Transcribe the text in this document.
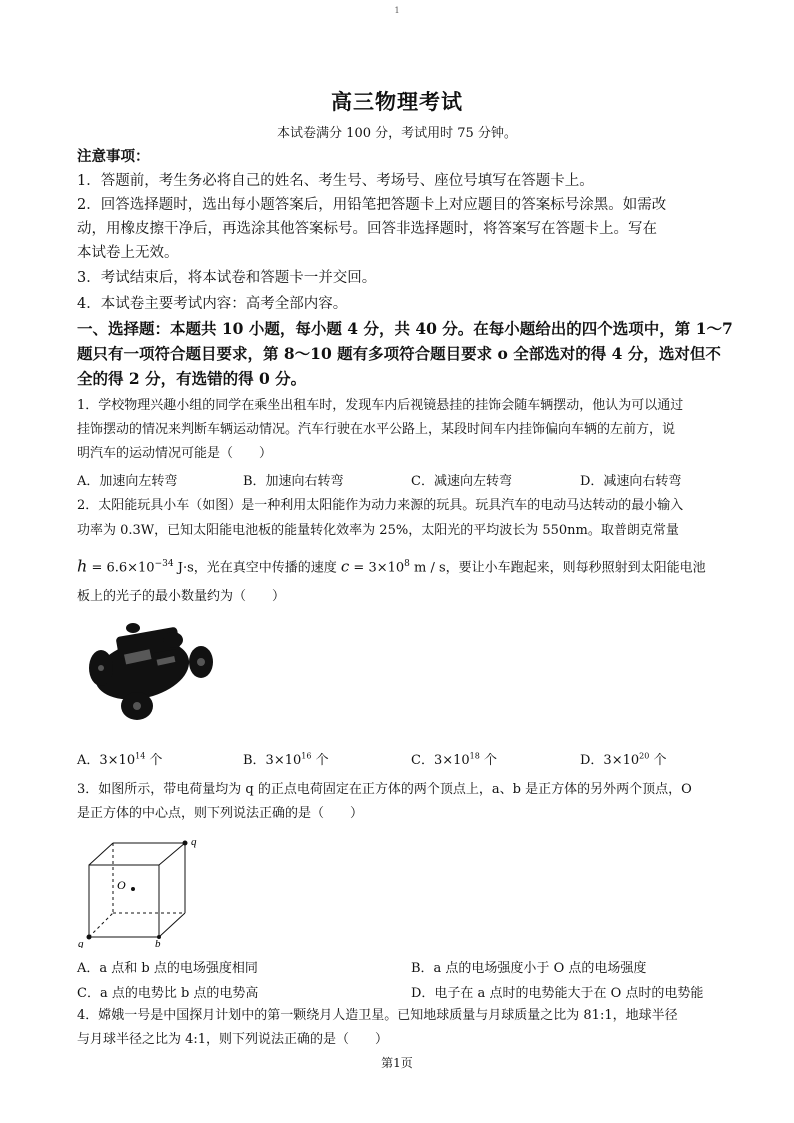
1
高三物理考试
本试卷满分 100 分，考试用时 75 分钟。
注意事项：
1．答题前，考生务必将自己的姓名、考生号、考场号、座位号填写在答题卡上。
2．回答选择题时，选出每小题答案后，用铅笔把答题卡上对应题目的答案标号涂黑。如需改
动，用橡皮擦干净后，再选涂其他答案标号。回答非选择题时，将答案写在答题卡上。写在
本试卷上无效。
3．考试结束后，将本试卷和答题卡一并交回。
4．本试卷主要考试内容：高考全部内容。
一、选择题：本题共 10 小题，每小题 4 分，共 40 分。在每小题给出的四个选项中，第 1～7
题只有一项符合题目要求，第 8～10 题有多项符合题目要求 o 全部选对的得 4 分，选对但不
全的得 2 分，有选错的得 0 分。
1．学校物理兴趣小组的同学在乘坐出租车时，发现车内后视镜悬挂的挂饰会随车辆摆动，他认为可以通过
挂饰摆动的情况来判断车辆运动情况。汽车行驶在水平公路上，某段时间车内挂饰偏向车辆的左前方，说
明汽车的运动情况可能是（　　）
A．加速向左转弯	B．加速向右转弯	C．减速向左转弯	D．减速向右转弯
2．太阳能玩具小车（如图）是一种利用太阳能作为动力来源的玩具。玩具汽车的电动马达转动的最小输入
功率为 0.3W，已知太阳能电池板的能量转化效率为 25%，太阳光的平均波长为 550nm。取普朗克常量
$h = 6.6\times 10^{-34}$ J·s，光在真空中传播的速度 $c = 3\times 10^8$ m / s，要让小车跑起来，则每秒照射到太阳能电池
板上的光子的最小数量约为（　　）
A．$3\times 10^{14}$ 个	B．$3\times 10^{16}$ 个	C．$3\times 10^{18}$ 个	D．$3\times 10^{20}$ 个
3．如图所示，带电荷量均为 q 的正点电荷固定在正方体的两个顶点上，a、b 是正方体的另外两个顶点，O
是正方体的中心点，则下列说法正确的是（　　）
q
q
O
b
A．a 点和 b 点的电场强度相同	B．a 点的电场强度小于 O 点的电场强度
C．a 点的电势比 b 点的电势高	D．电子在 a 点时的电势能大于在 O 点时的电势能
4．嫦娥一号是中国探月计划中的第一颗绕月人造卫星。已知地球质量与月球质量之比为 81:1，地球半径
与月球半径之比为 4:1，则下列说法正确的是（　　）
第1页
